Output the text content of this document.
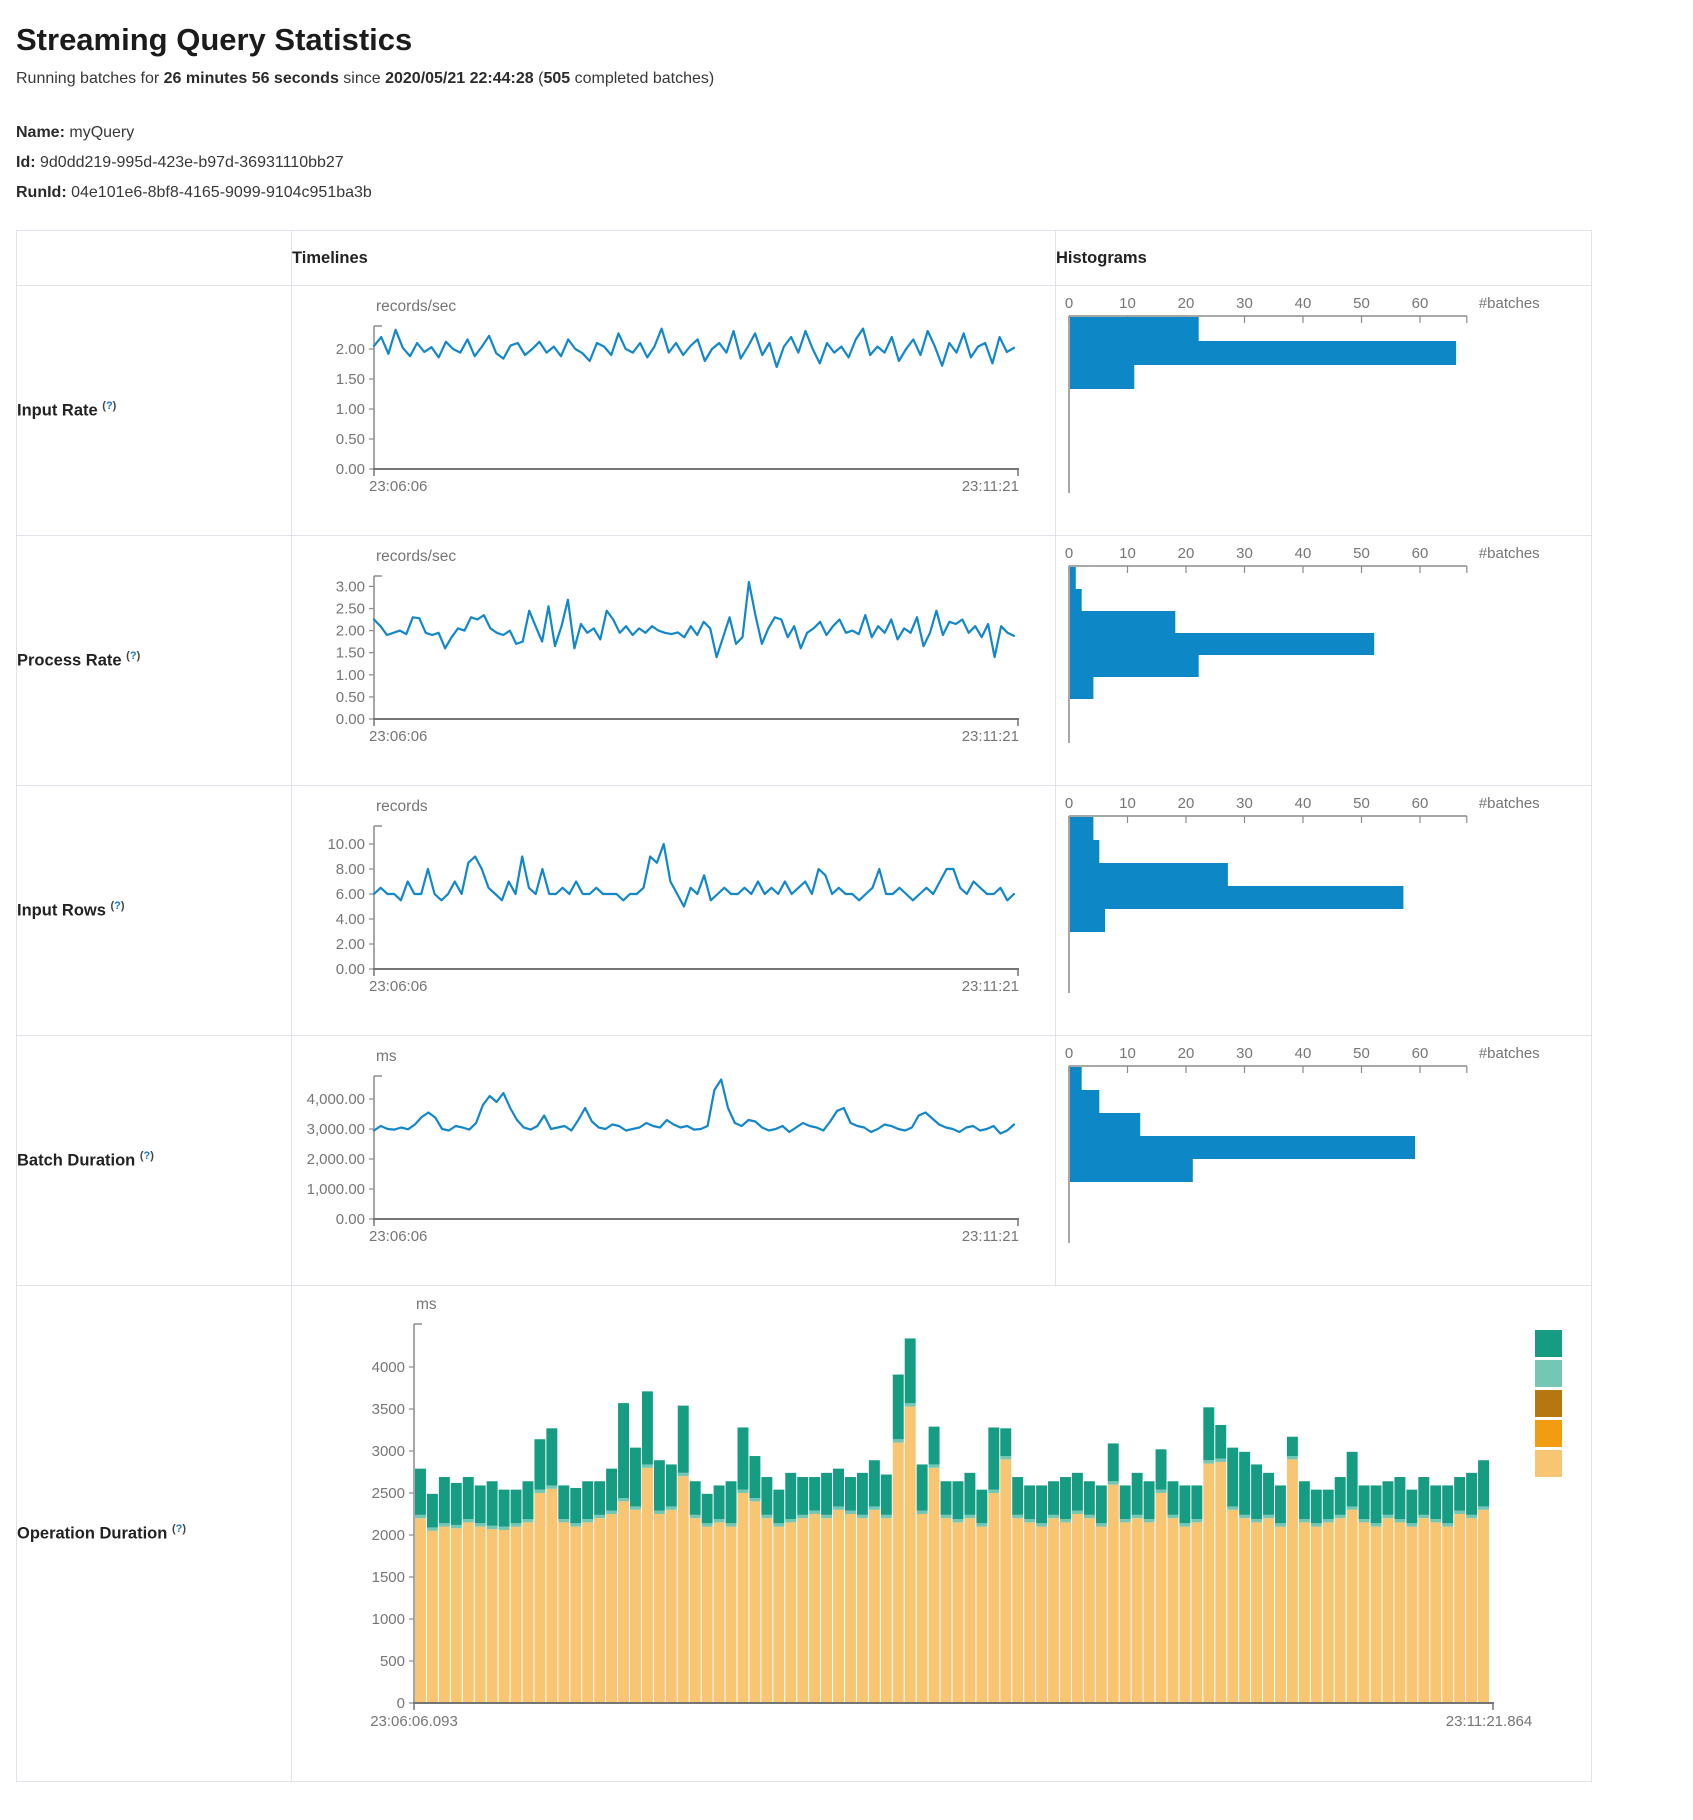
Streaming Query Statistics

Running batches for 26 minutes 56 seconds since 2020/05/21 22:44:28 (505 completed batches)

Name: myQuery
Id: 9d0dd219-995d-423e-b97d-36931110bb27
RunId: 04e101e6-8bf8-4165-9099-9104c951ba3b
	Timelines	Histograms
Input Rate (?)	
records/sec
0.00
0.50
1.00
1.50
2.00
23:06:06	23:11:21

0	10	20	30	40	50	60	#batches

Process Rate (?)	
records/sec
0.00
0.50
1.00
1.50
2.00
2.50
3.00
23:06:06	23:11:21

0	10	20	30	40	50	60	#batches

Input Rows (?)	
records
0.00
2.00
4.00
6.00
8.00
10.00
23:06:06	23:11:21

0	10	20	30	40	50	60	#batches

Batch Duration (?)	
ms
0.00
1,000.00
2,000.00
3,000.00
4,000.00
23:06:06	23:11:21

0	10	20	30	40	50	60	#batches

Operation Duration (?)	
ms
0
500
1000
1500
2000
2500
3000
3500
4000
23:06:06.093	23:11:21.864
